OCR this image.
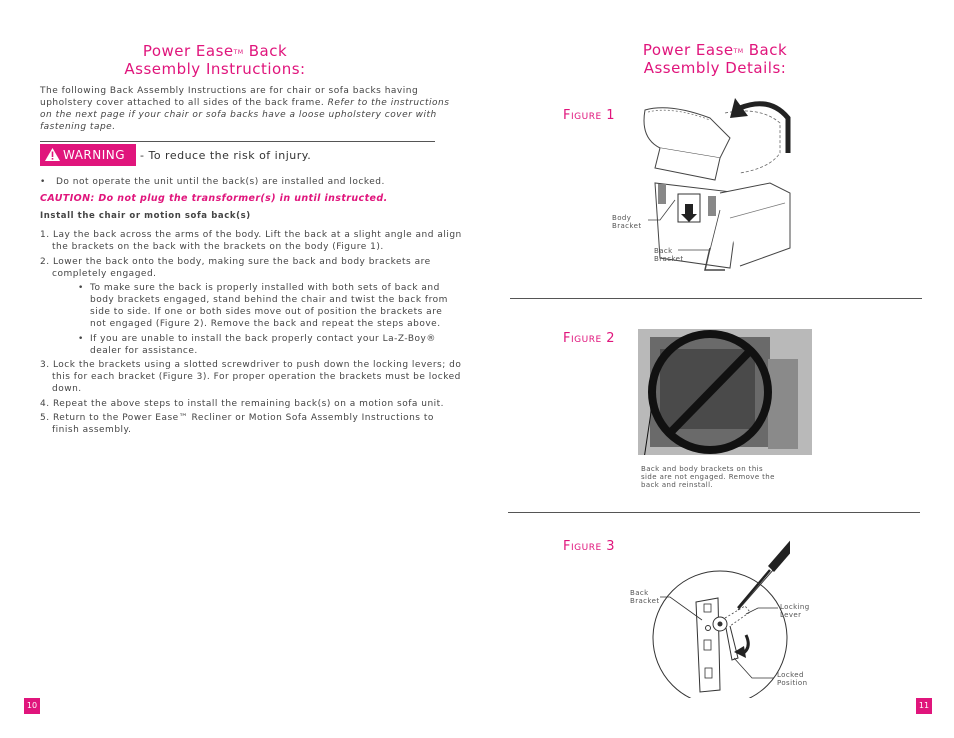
Power Ease™ Back
Assembly Instructions:
The following Back Assembly Instructions are for chair or sofa backs having upholstery cover attached to all sides of the back frame. Refer to the instructions on the next page if your chair or sofa backs have a loose upholstery cover with fastening tape.
WARNING - To reduce the risk of injury.
• Do not operate the unit until the back(s) are installed and locked.
CAUTION: Do not plug the transformer(s) in until instructed.
Install the chair or motion sofa back(s)
1. Lay the back across the arms of the body. Lift the back at a slight angle and align the brackets on the back with the brackets on the body (Figure 1).
2. Lower the back onto the body, making sure the back and body brackets are completely engaged.
• To make sure the back is properly installed with both sets of back and body brackets engaged, stand behind the chair and twist the back from side to side. If one or both sides move out of position the brackets are not engaged (Figure 2). Remove the back and repeat the steps above.
• If you are unable to install the back properly contact your La-Z-Boy® dealer for assistance.
3. Lock the brackets using a slotted screwdriver to push down the locking levers; do this for each bracket (Figure 3). For proper operation the brackets must be locked down.
4. Repeat the above steps to install the remaining back(s) on a motion sofa unit.
5. Return to the Power Ease™ Recliner or Motion Sofa Assembly Instructions to finish assembly.
10
Power Ease™ Back
Assembly Details:
Figure 1
Body Bracket
Back Bracket
Figure 2
Back and body brackets on this side are not engaged. Remove the back and reinstall.
Figure 3
Back Bracket
Locking Lever
Locked Position
11
